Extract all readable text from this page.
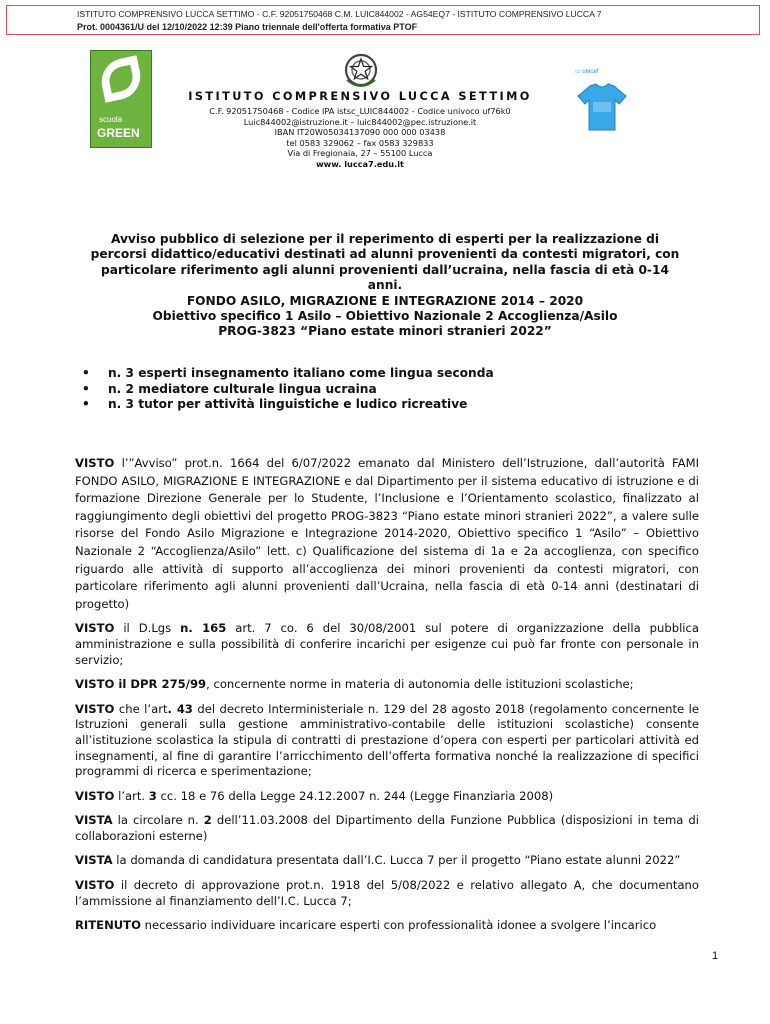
ISTITUTO COMPRENSIVO LUCCA SETTIMO - C.F. 92051750468 C.M. LUIC844002 - AG54EQ7 - ISTITUTO COMPRENSIVO LUCCA 7
Prot. 0004361/U del 12/10/2022 12:39 Piano triennale dell'offerta formativa PTOF
scuola
GREEN
▭ unicef
ISTITUTO COMPRENSIVO LUCCA SETTIMO
C.F. 92051750468 - Codice IPA istsc_LUIC844002 - Codice univoco uf76k0
Luic844002@istruzione.it – luic844002@pec.istruzione.it
IBAN IT20W05034137090 000 000 03438
tel 0583 329062 – fax 0583 329833
Via di Fregionaia, 27 – 55100 Lucca
www. lucca7.edu.it
Avviso pubblico di selezione per il reperimento di esperti per la realizzazione di
percorsi didattico/educativi destinati ad alunni provenienti da contesti migratori, con
particolare riferimento agli alunni provenienti dall’ucraina, nella fascia di età 0-14
anni.
FONDO ASILO, MIGRAZIONE E INTEGRAZIONE 2014 – 2020
Obiettivo specifico 1 Asilo – Obiettivo Nazionale 2 Accoglienza/Asilo
PROG-3823 “Piano estate minori stranieri 2022”
•	n. 3 esperti insegnamento italiano come lingua seconda
•	n. 2 mediatore culturale lingua ucraina
•	n. 3 tutor per attività linguistiche e ludico ricreative

VISTO l’”Avviso” prot.n. 1664 del 6/07/2022 emanato dal Ministero dell’Istruzione, dall’autorità FAMI FONDO ASILO, MIGRAZIONE E INTEGRAZIONE e dal Dipartimento per il sistema educativo di istruzione e di formazione Direzione Generale per lo Studente, l’Inclusione e l’Orientamento scolastico, finalizzato al raggiungimento degli obiettivi del progetto PROG-3823 “Piano estate minori stranieri 2022”, a valere sulle risorse del Fondo Asilo Migrazione e Integrazione 2014-2020, Obiettivo specifico 1 “Asilo” – Obiettivo Nazionale 2 “Accoglienza/Asilo” lett. c) Qualificazione del sistema di 1a e 2a accoglienza, con specifico riguardo alle attività di supporto all’accoglienza dei minori provenienti da contesti migratori, con particolare riferimento agli alunni provenienti dall’Ucraina, nella fascia di età 0-14 anni (destinatari di progetto)

VISTO il D.Lgs n. 165 art. 7 co. 6 del 30/08/2001 sul potere di organizzazione della pubblica amministrazione e sulla possibilità di conferire incarichi per esigenze cui può far fronte con personale in servizio;

VISTO il DPR 275/99, concernente norme in materia di autonomia delle istituzioni scolastiche;

VISTO che l’art. 43 del decreto Interministeriale n. 129 del 28 agosto 2018 (regolamento concernente le Istruzioni generali sulla gestione amministrativo-contabile delle istituzioni scolastiche) consente all’istituzione scolastica la stipula di contratti di prestazione d’opera con esperti per particolari attività ed insegnamenti, al fine di garantire l’arricchimento dell’offerta formativa nonché la realizzazione di specifici programmi di ricerca e sperimentazione;

VISTO l’art. 3 cc. 18 e 76 della Legge 24.12.2007 n. 244 (Legge Finanziaria 2008)

VISTA la circolare n. 2 dell’11.03.2008 del Dipartimento della Funzione Pubblica (disposizioni in tema di collaborazioni esterne)

VISTA la domanda di candidatura presentata dall’I.C. Lucca 7 per il progetto “Piano estate alunni 2022”

VISTO il decreto di approvazione prot.n. 1918 del 5/08/2022 e relativo allegato A, che documentano l’ammissione al finanziamento dell’I.C. Lucca 7;

RITENUTO necessario individuare incaricare esperti con professionalità idonee a svolgere l’incarico

1
